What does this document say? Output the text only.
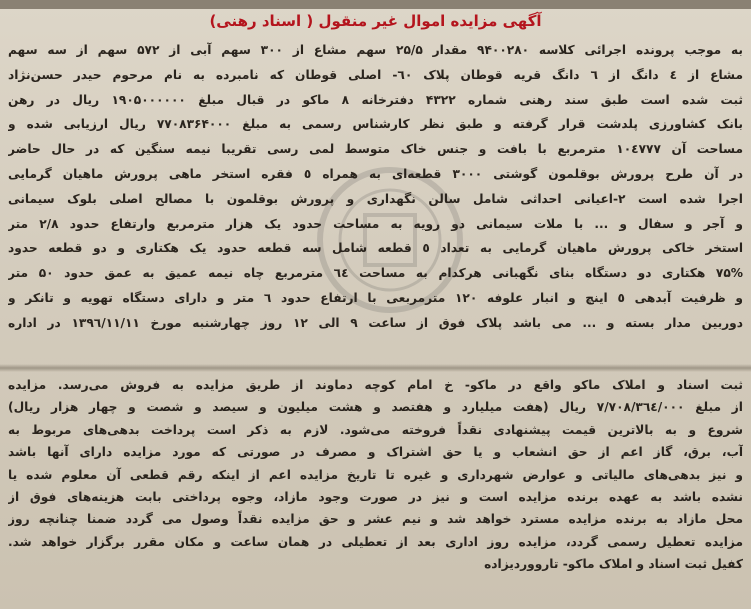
آگهی مزایده اموال غیر منقول ( اسناد رهنی)
به موجب پرونده اجرائی کلاسه ۹۴۰۰۲۸۰ مقدار ۲۵/۵ سهم مشاع از ۳۰۰ سهم آبی از ۵۷۲ سهم از سه سهم
مشاع از ٤ دانگ از ٦ دانگ قریه قوطان پلاک ٦٠- اصلی قوطان که نامبرده به نام مرحوم حیدر حسن‌نژاد
ثبت شده است طبق سند رهنی شماره ۴۳۲۲ دفترخانه ۸ ماکو در قبال مبلغ ۱۹۰۵۰۰۰۰۰۰ ریال در رهن
بانک کشاورزی پلدشت قرار گرفته و طبق نظر کارشناس رسمی به مبلغ ۷۷۰۸۳۶۴۰۰۰ ریال ارزیابی شده و
مساحت آن ١٠٤٧٧٧ مترمربع با بافت و جنس خاک متوسط لمی رسی تقریبا نیمه سنگین که در حال حاضر
در آن طرح پرورش بوقلمون گوشتی ۳۰۰۰ قطعه‌ای به همراه ٥ فقره استخر ماهی پرورش ماهیان گرمایی
اجرا شده است ٢-اعیانی احداثی شامل سالن نگهداری و پرورش بوقلمون با مصالح اصلی بلوک سیمانی
و آجر و سفال و ... با ملات سیمانی دو رویه به مساحت حدود یک هزار مترمربع وارتفاع حدود ۲/۸ متر
استخر خاکی پرورش ماهیان گرمایی به تعداد ٥ قطعه شامل سه قطعه حدود یک هکتاری و دو قطعه حدود
۷۵% هکتاری دو دستگاه بنای نگهبانی هرکدام به مساحت ٦٤ مترمربع چاه نیمه عمیق به عمق حدود ۵۰ متر
و ظرفیت آبدهی ٥ اینچ و انبار علوفه ١٢٠ مترمربعی با ارتفاع حدود ٦ متر و دارای دستگاه تهویه و تانکر و
دوربین مدار بسته و ... می باشد پلاک فوق از ساعت ۹ الی ۱۲ روز چهارشنبه مورخ ۱۳۹٦/۱۱/۱۱ در اداره
ثبت اسناد و املاک ماکو واقع در ماکو- خ امام کوچه دماوند از طریق مزایده به فروش می‌رسد. مزایده
از مبلغ ۷/۷۰۸/۳٦٤/۰۰۰ ریال (هفت میلیارد و هفتصد و هشت میلیون و سیصد و شصت و چهار هزار ریال)
شروع و به بالاترین قیمت پیشنهادی نقداً فروخته می‌شود. لازم به ذکر است پرداخت بدهی‌های مربوط به
آب، برق، گاز اعم از حق انشعاب و یا حق اشتراک و مصرف در صورتی که مورد مزایده دارای آنها باشد
و نیز بدهی‌های مالیاتی و عوارض شهرداری و غیره تا تاریخ مزایده اعم از اینکه رقم قطعی آن معلوم شده یا
نشده باشد به عهده برنده مزایده است و نیز در صورت وجود مازاد، وجوه پرداختی بابت هزینه‌های فوق از
محل مازاد به برنده مزایده مسترد خواهد شد و نیم عشر و حق مزایده نقداً وصول می گردد ضمنا چنانچه روز
مزایده تعطیل رسمی گردد، مزایده روز اداری بعد از تعطیلی در همان ساعت و مکان مقرر برگزار خواهد شد.
کفیل ثبت اسناد و املاک ماکو- تارووردیزاده
